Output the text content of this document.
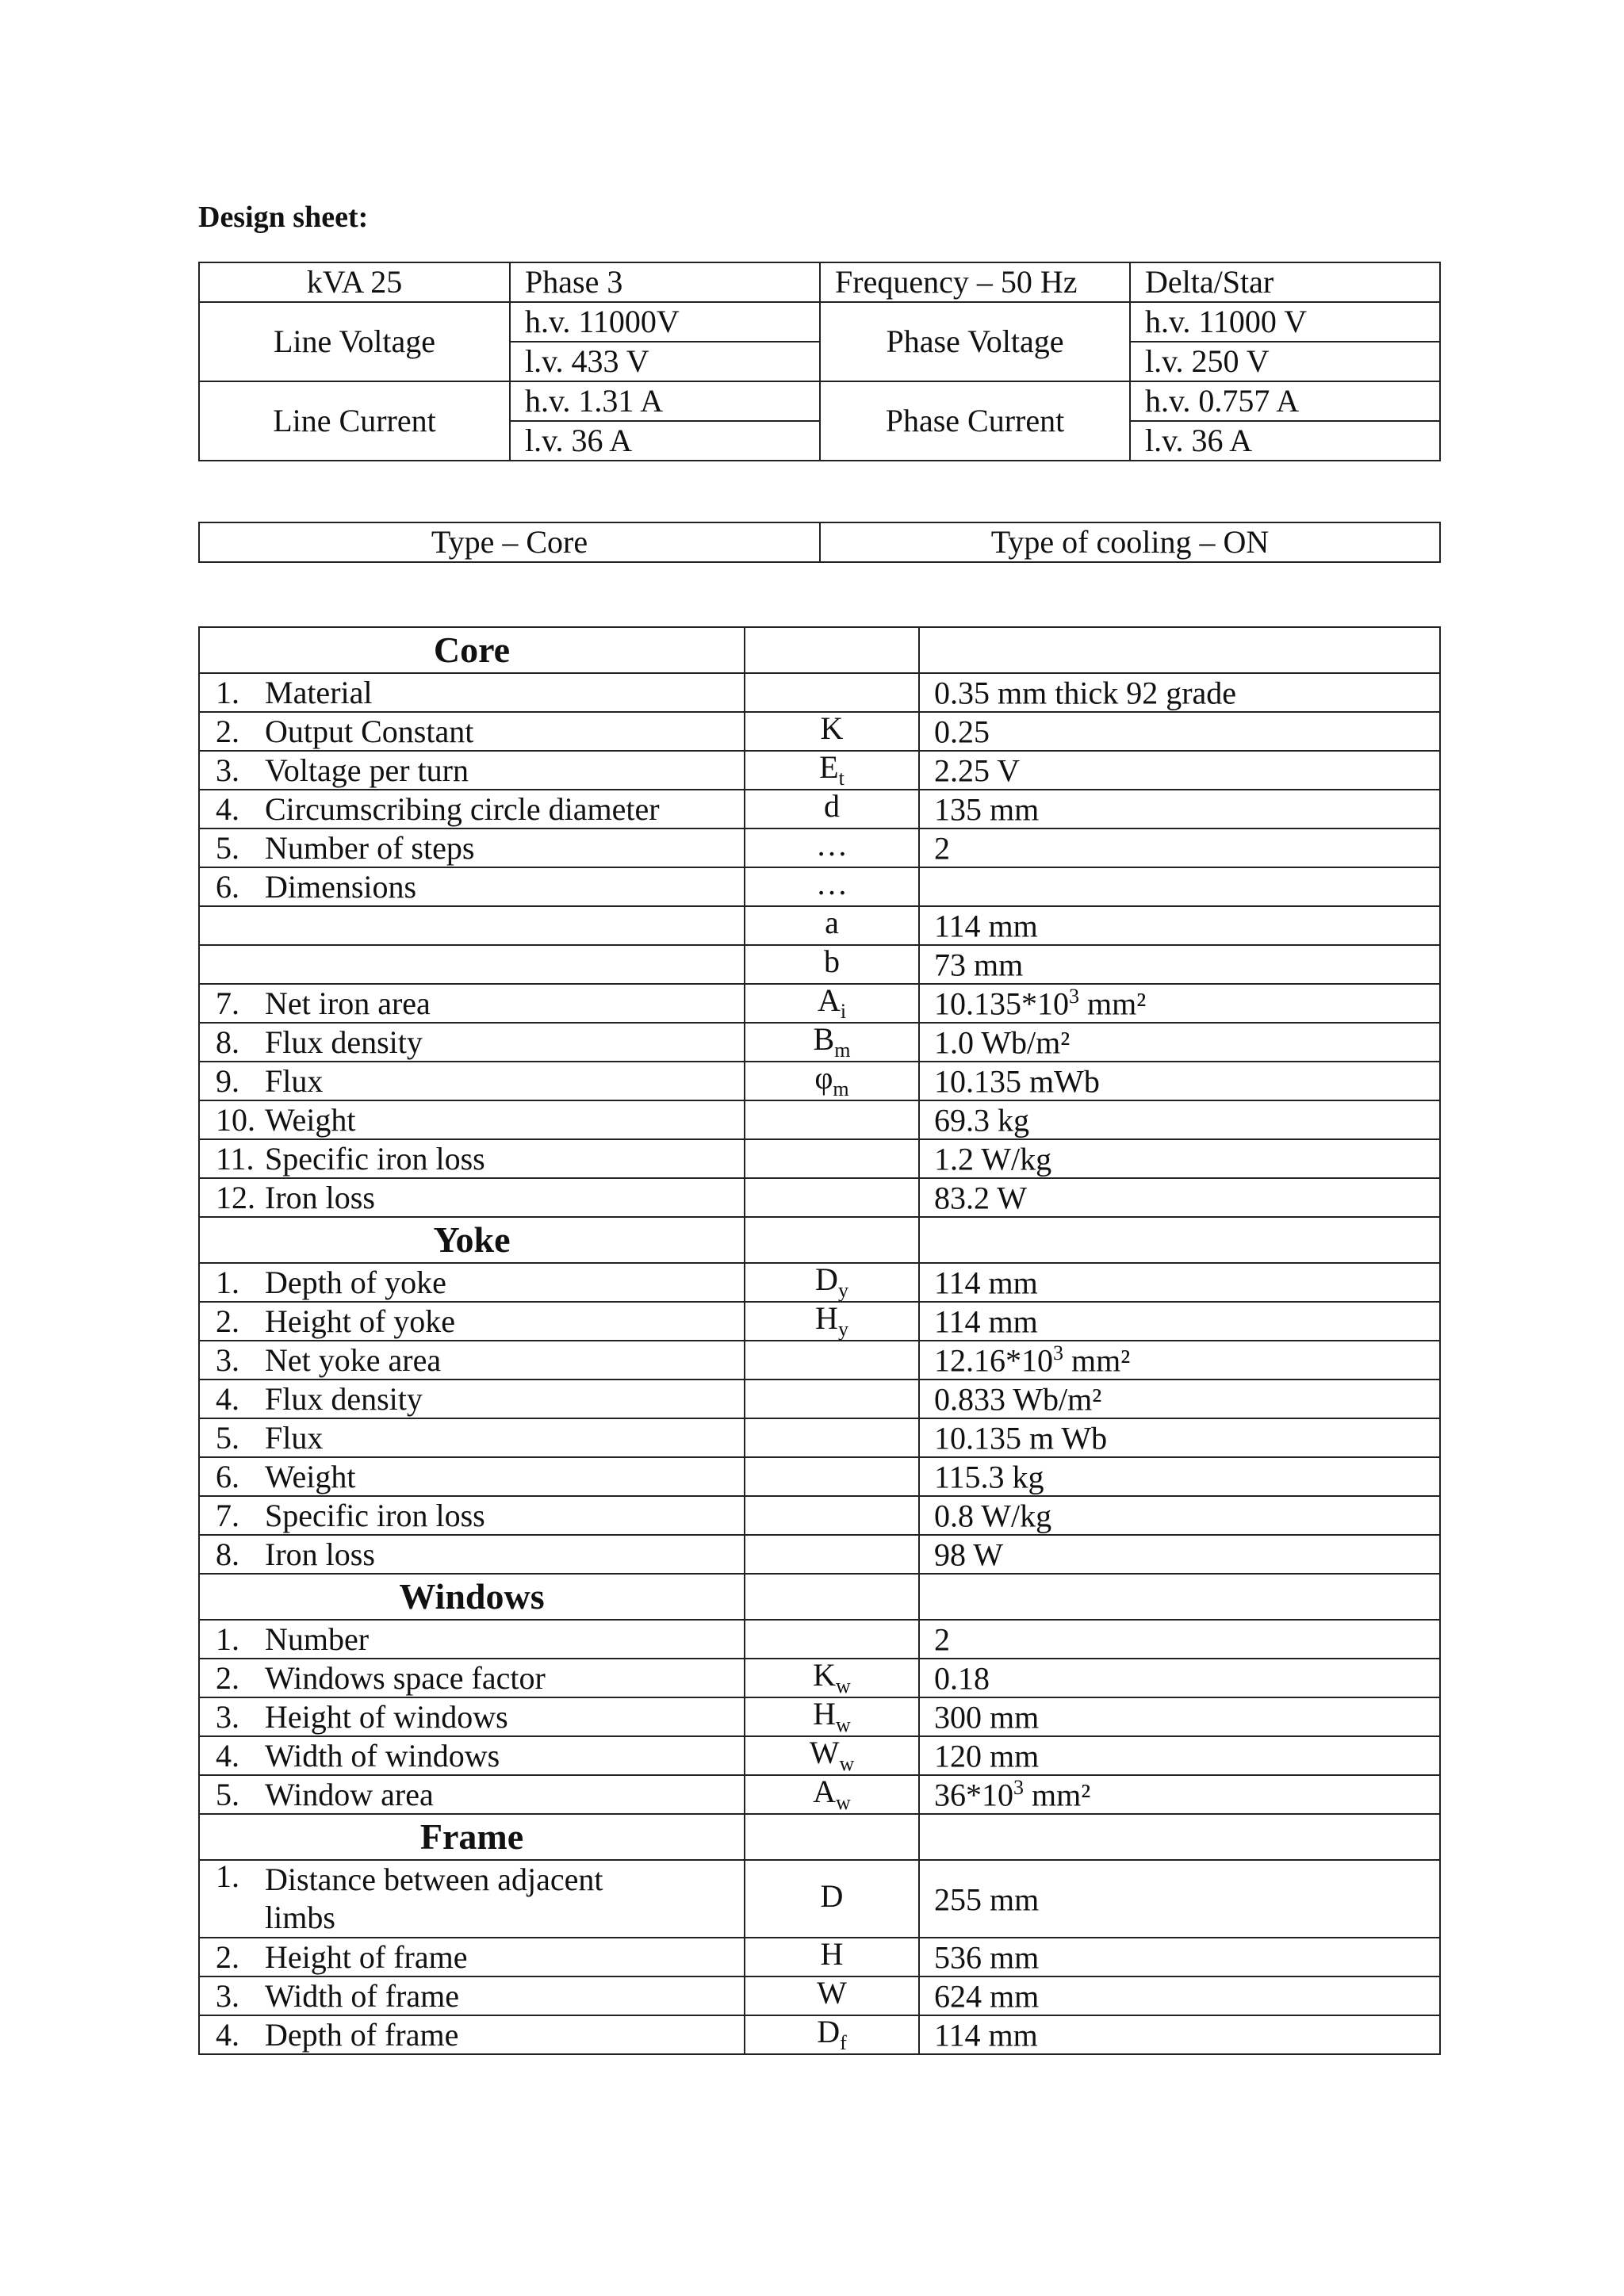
Design sheet:
kVA 25	Phase 3	Frequency – 50 Hz	Delta/Star
Line Voltage	h.v. 11000V	Phase Voltage	h.v. 11000 V
	l.v. 433 V		l.v. 250 V
Line Current	h.v. 1.31 A	Phase Current	h.v. 0.757 A
	l.v. 36 A		l.v. 36 A
Type – Core	Type of cooling – ON
Core		
1. Material		0.35 mm thick 92 grade
2. Output Constant	K	0.25
3. Voltage per turn	$E_t$	2.25 V
4. Circumscribing circle diameter	d	135 mm
5. Number of steps	…	2
6. Dimensions	…	
	a	114 mm
	b	73 mm
7. Net iron area	$A_i$	$10.135*10^3$ mm²
8. Flux density	$B_m$	1.0 Wb/m²
9. Flux	$\varphi_m$	10.135 mWb
10. Weight		69.3 kg
11. Specific iron loss		1.2 W/kg
12. Iron loss		83.2 W
Yoke		
1. Depth of yoke	$D_y$	114 mm
2. Height of yoke	$H_y$	114 mm
3. Net yoke area		$12.16*10^3$ mm²
4. Flux density		0.833 Wb/m²
5. Flux		10.135 m Wb
6. Weight		115.3 kg
7. Specific iron loss		0.8 W/kg
8. Iron loss		98 W
Windows		
1. Number		2
2. Windows space factor	$K_w$	0.18
3. Height of windows	$H_w$	300 mm
4. Width of windows	$W_w$	120 mm
5. Window area	$A_w$	$36*10^3$ mm²
Frame		
1. Distance between adjacent limbs	D	255 mm
2. Height of frame	H	536 mm
3. Width of frame	W	624 mm
4. Depth of frame	$D_f$	114 mm
